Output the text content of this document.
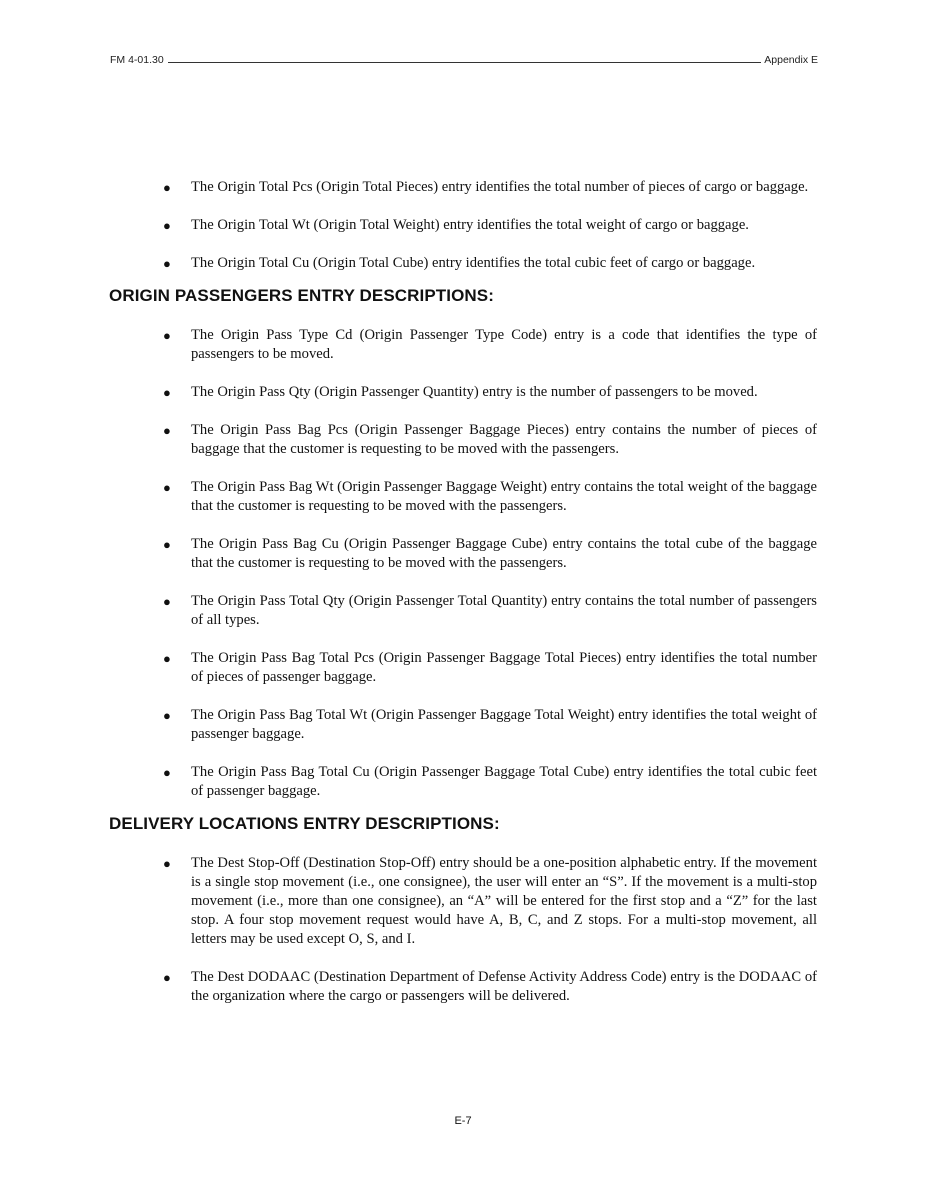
FM 4-01.30	Appendix E
● The Origin Total Pcs (Origin Total Pieces) entry identifies the total number of pieces of cargo or baggage.
● The Origin Total Wt (Origin Total Weight) entry identifies the total weight of cargo or baggage.
● The Origin Total Cu (Origin Total Cube) entry identifies the total cubic feet of cargo or baggage.
ORIGIN PASSENGERS ENTRY DESCRIPTIONS:
● The Origin Pass Type Cd (Origin Passenger Type Code) entry is a code that identifies the type of passengers to be moved.
● The Origin Pass Qty (Origin Passenger Quantity) entry is the number of passengers to be moved.
● The Origin Pass Bag Pcs (Origin Passenger Baggage Pieces) entry contains the number of pieces of baggage that the customer is requesting to be moved with the passengers.
● The Origin Pass Bag Wt (Origin Passenger Baggage Weight) entry contains the total weight of the baggage that the customer is requesting to be moved with the passengers.
● The Origin Pass Bag Cu (Origin Passenger Baggage Cube) entry contains the total cube of the baggage that the customer is requesting to be moved with the passengers.
● The Origin Pass Total Qty (Origin Passenger Total Quantity) entry contains the total number of passengers of all types.
● The Origin Pass Bag Total Pcs (Origin Passenger Baggage Total Pieces) entry identifies the total number of pieces of passenger baggage.
● The Origin Pass Bag Total Wt (Origin Passenger Baggage Total Weight) entry identifies the total weight of passenger baggage.
● The Origin Pass Bag Total Cu (Origin Passenger Baggage Total Cube) entry identifies the total cubic feet of passenger baggage.
DELIVERY LOCATIONS ENTRY DESCRIPTIONS:
● The Dest Stop-Off (Destination Stop-Off) entry should be a one-position alphabetic entry. If the movement is a single stop movement (i.e., one consignee), the user will enter an “S”. If the movement is a multi-stop movement (i.e., more than one consignee), an “A” will be entered for the first stop and a “Z” for the last stop. A four stop movement request would have A, B, C, and Z stops. For a multi-stop movement, all letters may be used except O, S, and I.
● The Dest DODAAC (Destination Department of Defense Activity Address Code) entry is the DODAAC of the organization where the cargo or passengers will be delivered.
E-7
